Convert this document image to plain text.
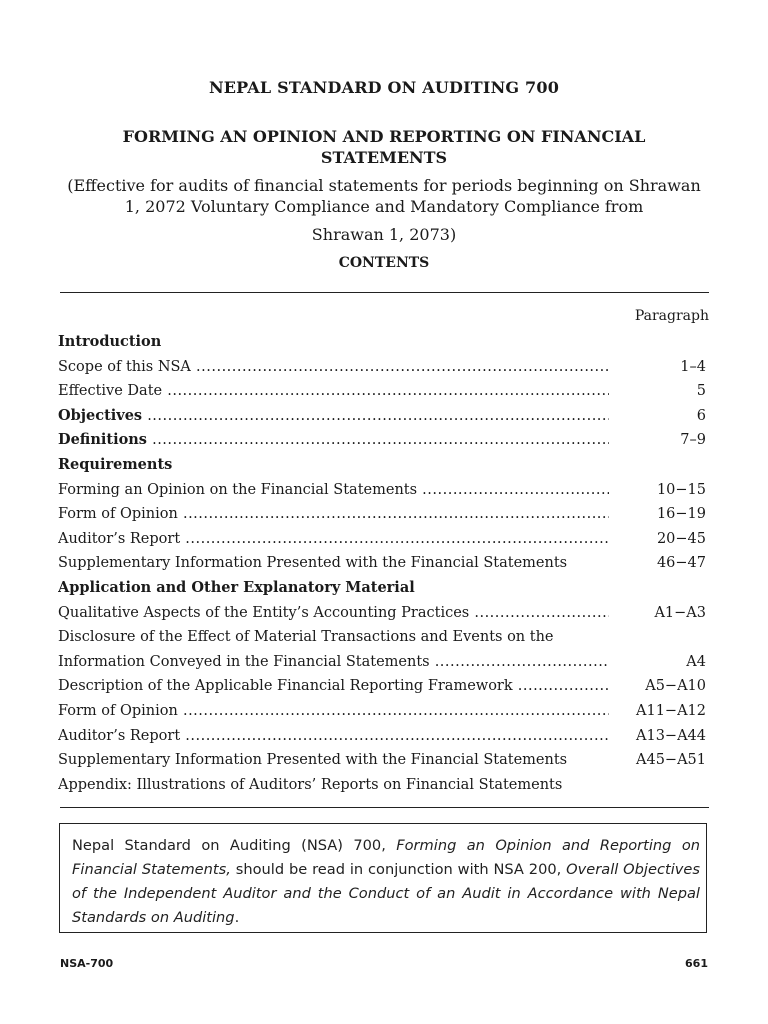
NEPAL STANDARD ON AUDITING 700
FORMING AN OPINION AND REPORTING ON FINANCIAL
STATEMENTS
(Effective for audits of financial statements for periods beginning on Shrawan
1, 2072 Voluntary Compliance and Mandatory Compliance from
Shrawan 1, 2073)
CONTENTS
Paragraph
Introduction
Scope of this NSA .....	1–4
Effective Date .....	5
Objectives .....	6
Definitions .....	7–9
Requirements
Forming an Opinion on the Financial Statements .....	10−15
Form of Opinion .....	16−19
Auditor’s Report .....	20−45
Supplementary Information Presented with the Financial Statements	46−47
Application and Other Explanatory Material
Qualitative Aspects of the Entity’s Accounting Practices .....	A1−A3
Disclosure of the Effect of Material Transactions and Events on the
Information Conveyed in the Financial Statements .....	A4
Description of the Applicable Financial Reporting Framework .....	A5−A10
Form of Opinion .....	A11−A12
Auditor’s Report .....	A13−A44
Supplementary Information Presented with the Financial Statements	A45−A51
Appendix: Illustrations of Auditors’ Reports on Financial Statements
Nepal Standard on Auditing (NSA) 700, Forming an Opinion and Reporting on Financial Statements, should be read in conjunction with NSA 200, Overall Objectives of the Independent Auditor and the Conduct of an Audit in Accordance with Nepal Standards on Auditing.
NSA-700	661
